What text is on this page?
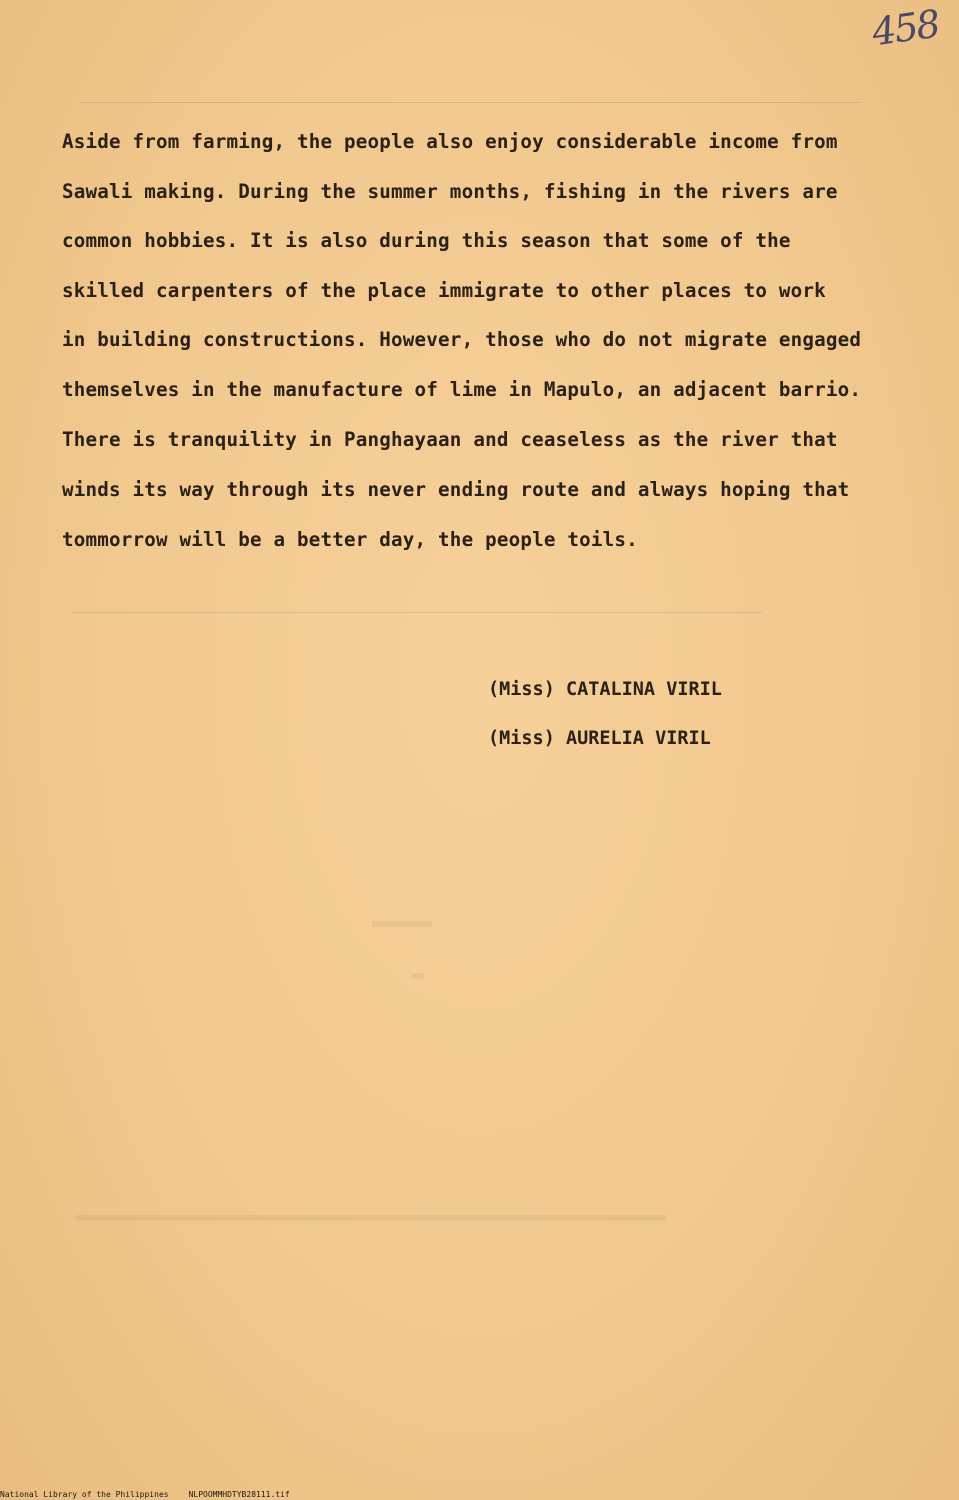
458
Aside from farming, the people also enjoy considerable income from
Sawali making. During the summer months, fishing in the rivers are
common hobbies. It is also during this season that some of the
skilled carpenters of the place immigrate to other places to work
in building constructions. However, those who do not migrate engaged
themselves in the manufacture of lime in Mapulo, an adjacent barrio.
There is tranquility in Panghayaan and ceaseless as the river that
winds its way through its never ending route and always hoping that
tommorrow will be a better day, the people toils.
(Miss) CATALINA VIRIL
(Miss) AURELIA VIRIL
▬▬▬▬▬
▬
▬▬▬▬▬▬▬▬▬▬▬▬▬▬▬▬▬▬▬▬▬▬▬▬▬▬▬▬▬▬▬▬▬▬▬▬▬▬▬▬▬▬▬▬▬▬▬▬▬
National Library of the Philippines	NLPOOMMHDTYB28111.tif
